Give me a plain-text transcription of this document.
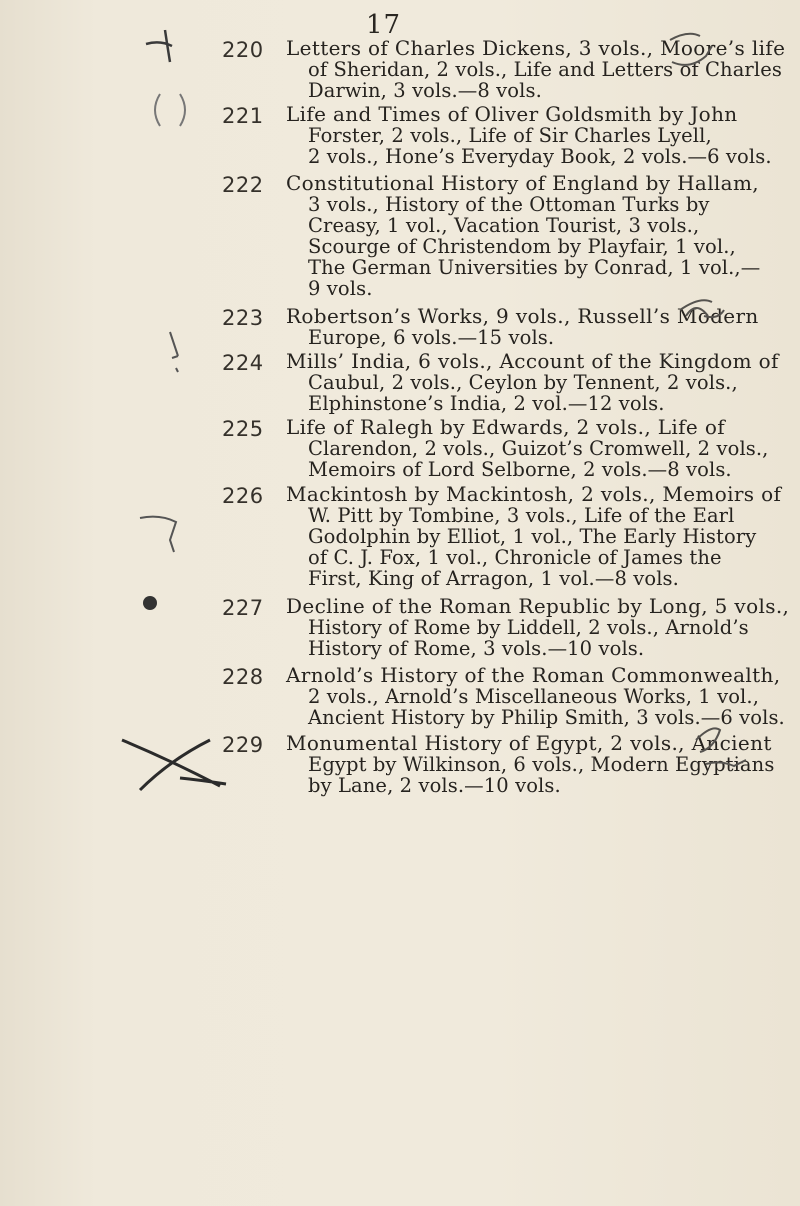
17
220	Letters of Charles Dickens, 3 vols., Moore’s life
of Sheridan, 2 vols., Life and Letters of Charles
Darwin, 3 vols.—8 vols.
221	Life and Times of Oliver Goldsmith by John
Forster, 2 vols., Life of Sir Charles Lyell,
2 vols., Hone’s Everyday Book, 2 vols.—6 vols.
222	Constitutional History of England by Hallam,
3 vols., History of the Ottoman Turks by
Creasy, 1 vol., Vacation Tourist, 3 vols.,
Scourge of Christendom by Playfair, 1 vol.,
The German Universities by Conrad, 1 vol.,—
9 vols.
223	Robertson’s Works, 9 vols., Russell’s Modern
Europe, 6 vols.—15 vols.
224	Mills’ India, 6 vols., Account of the Kingdom of
Caubul, 2 vols., Ceylon by Tennent, 2 vols.,
Elphinstone’s India, 2 vol.—12 vols.
225	Life of Ralegh by Edwards, 2 vols., Life of
Clarendon, 2 vols., Guizot’s Cromwell, 2 vols.,
Memoirs of Lord Selborne, 2 vols.—8 vols.
226	Mackintosh by Mackintosh, 2 vols., Memoirs of
W. Pitt by Tombine, 3 vols., Life of the Earl
Godolphin by Elliot, 1 vol., The Early History
of C. J. Fox, 1 vol., Chronicle of James the
First, King of Arragon, 1 vol.—8 vols.
227	Decline of the Roman Republic by Long, 5 vols.,
History of Rome by Liddell, 2 vols., Arnold’s
History of Rome, 3 vols.—10 vols.
228	Arnold’s History of the Roman Commonwealth,
2 vols., Arnold’s Miscellaneous Works, 1 vol.,
Ancient History by Philip Smith, 3 vols.—6 vols.
229	Monumental History of Egypt, 2 vols., Ancient
Egypt by Wilkinson, 6 vols., Modern Egyptians
by Lane, 2 vols.—10 vols.
